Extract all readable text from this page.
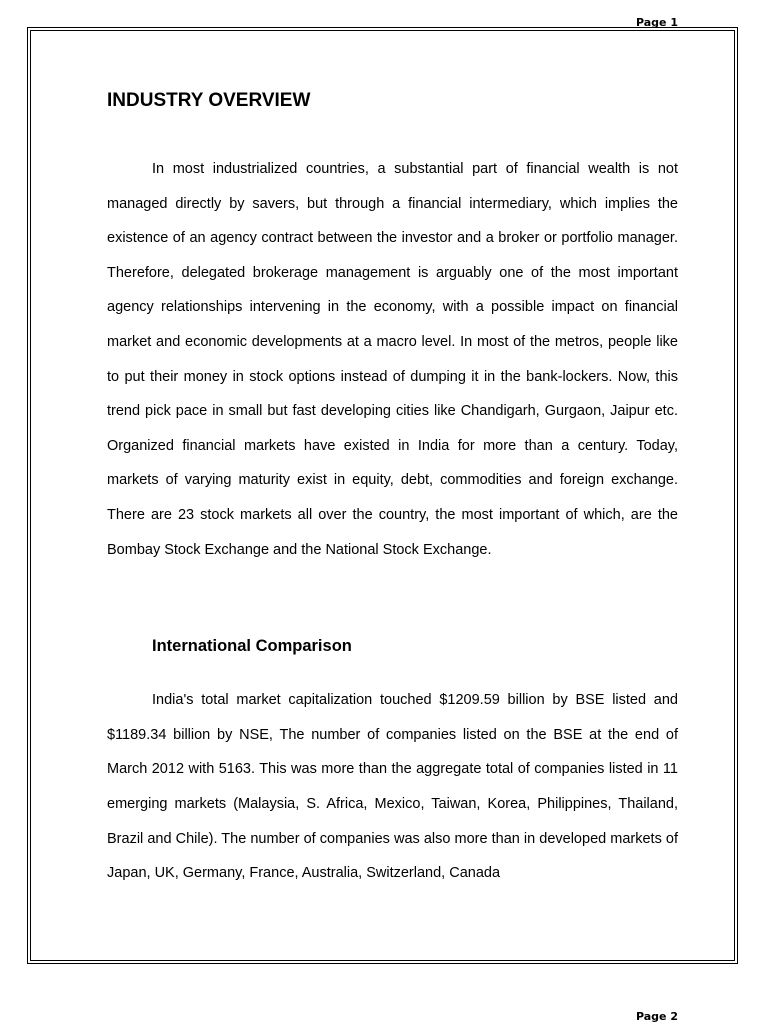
Page 1
INDUSTRY OVERVIEW

In most industrialized countries, a substantial part of financial wealth is not managed directly by savers, but through a financial intermediary, which implies the existence of an agency contract between the investor and a broker or portfolio manager. Therefore, delegated brokerage management is arguably one of the most important agency relationships intervening in the economy, with a possible impact on financial market and economic developments at a macro level. In most of the metros, people like to put their money in stock options instead of dumping it in the bank-lockers. Now, this trend pick pace in small but fast developing cities like Chandigarh, Gurgaon, Jaipur etc. Organized financial markets have existed in India for more than a century. Today, markets of varying maturity exist in equity, debt, commodities and foreign exchange. There are 23 stock markets all over the country, the most important of which, are the Bombay Stock Exchange and the National Stock Exchange.

International Comparison

India's total market capitalization touched $1209.59 billion by BSE listed and $1189.34 billion by NSE, The number of companies listed on the BSE at the end of March 2012 with 5163. This was more than the aggregate total of companies listed in 11 emerging markets (Malaysia, S. Africa, Mexico, Taiwan, Korea, Philippines, Thailand, Brazil and Chile). The number of companies was also more than in developed markets of Japan, UK, Germany, France, Australia, Switzerland, Canada

Page 2
